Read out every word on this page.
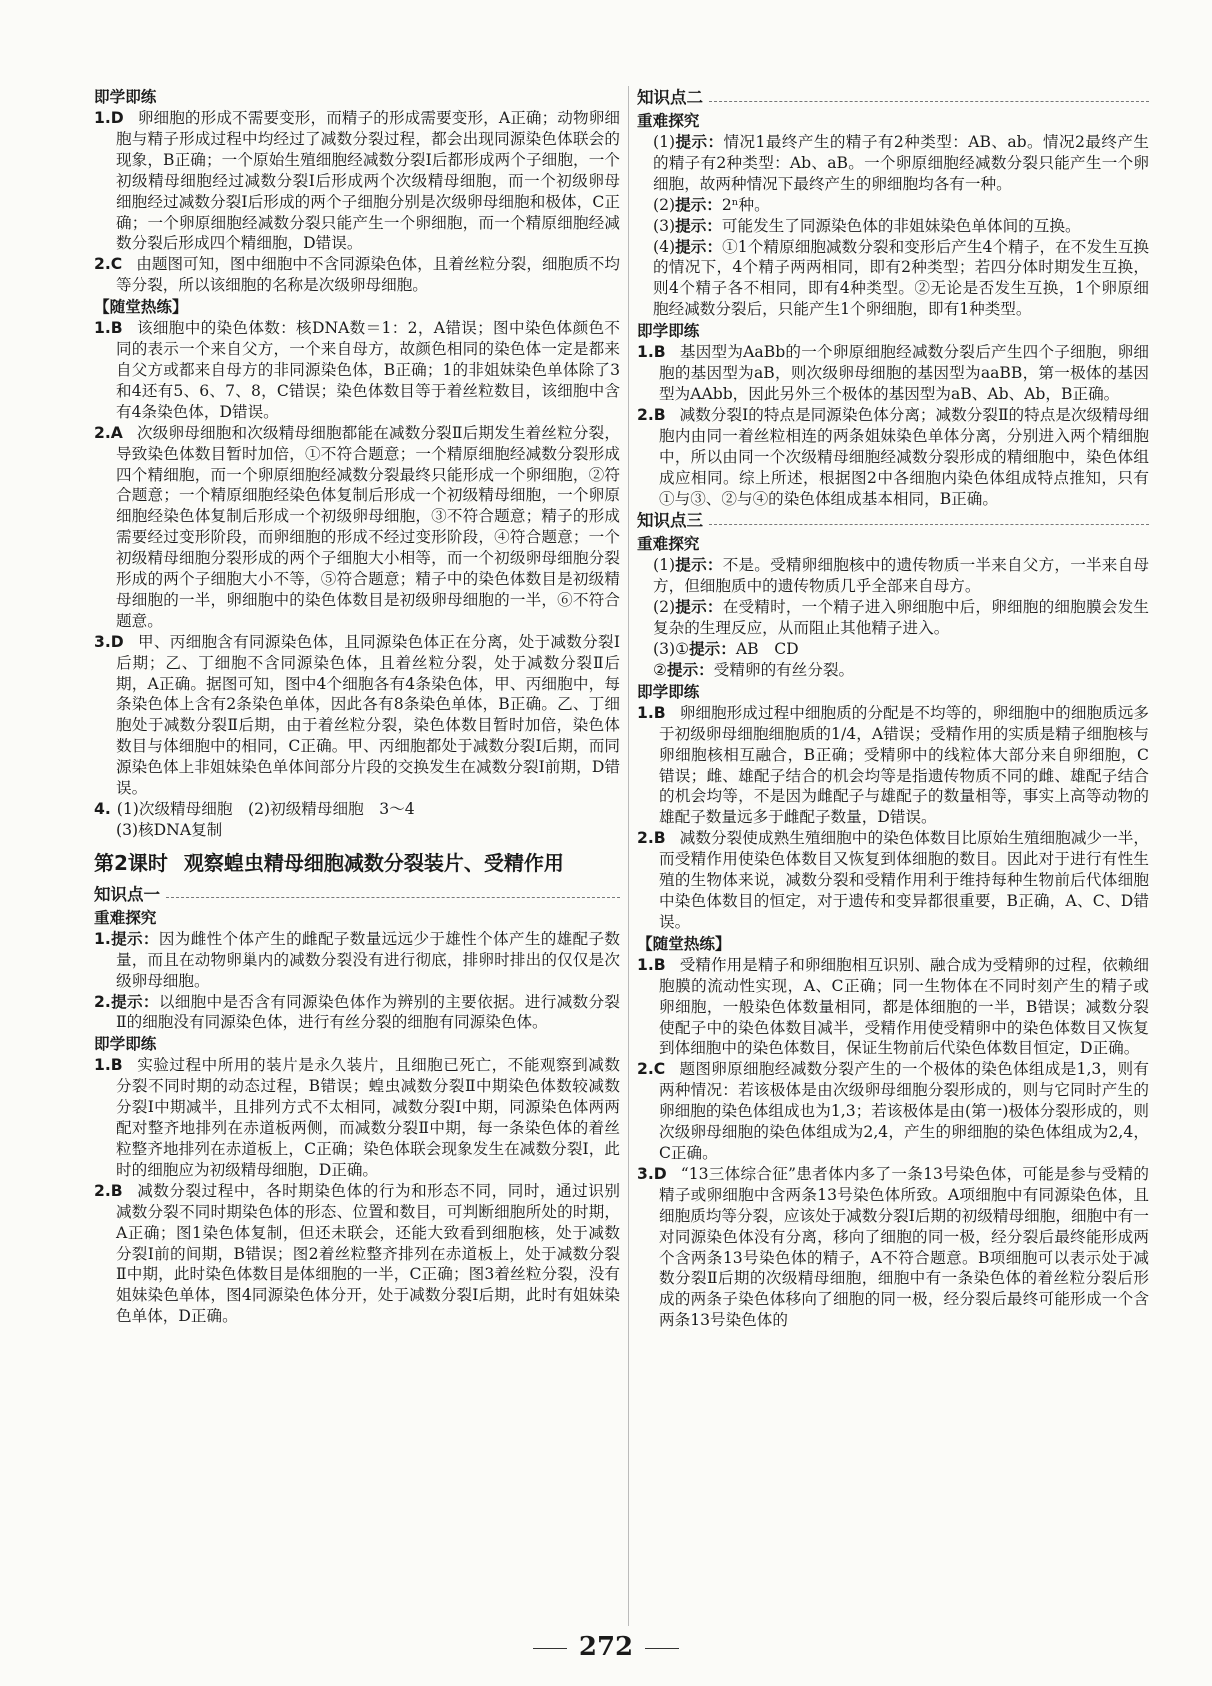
即学即练

1.D 卵细胞的形成不需要变形，而精子的形成需要变形，A正确；动物卵细胞与精子形成过程中均经过了减数分裂过程，都会出现同源染色体联会的现象，B正确；一个原始生殖细胞经减数分裂Ⅰ后都形成两个子细胞，一个初级精母细胞经过减数分裂Ⅰ后形成两个次级精母细胞，而一个初级卵母细胞经过减数分裂Ⅰ后形成的两个子细胞分别是次级卵母细胞和极体，C正确；一个卵原细胞经减数分裂只能产生一个卵细胞，而一个精原细胞经减数分裂后形成四个精细胞，D错误。

2.C 由题图可知，图中细胞中不含同源染色体，且着丝粒分裂，细胞质不均等分裂，所以该细胞的名称是次级卵母细胞。

【随堂热练】

1.B 该细胞中的染色体数：核DNA数＝1：2，A错误；图中染色体颜色不同的表示一个来自父方，一个来自母方，故颜色相同的染色体一定是都来自父方或都来自母方的非同源染色体，B正确；1的非姐妹染色单体除了3和4还有5、6、7、8，C错误；染色体数目等于着丝粒数目，该细胞中含有4条染色体，D错误。

2.A 次级卵母细胞和次级精母细胞都能在减数分裂Ⅱ后期发生着丝粒分裂，导致染色体数目暂时加倍，①不符合题意；一个精原细胞经减数分裂形成四个精细胞，而一个卵原细胞经减数分裂最终只能形成一个卵细胞，②符合题意；一个精原细胞经染色体复制后形成一个初级精母细胞，一个卵原细胞经染色体复制后形成一个初级卵母细胞，③不符合题意；精子的形成需要经过变形阶段，而卵细胞的形成不经过变形阶段，④符合题意；一个初级精母细胞分裂形成的两个子细胞大小相等，而一个初级卵母细胞分裂形成的两个子细胞大小不等，⑤符合题意；精子中的染色体数目是初级精母细胞的一半，卵细胞中的染色体数目是初级卵母细胞的一半，⑥不符合题意。

3.D 甲、丙细胞含有同源染色体，且同源染色体正在分离，处于减数分裂Ⅰ后期；乙、丁细胞不含同源染色体，且着丝粒分裂，处于减数分裂Ⅱ后期，A正确。据图可知，图中4个细胞各有4条染色体，甲、丙细胞中，每条染色体上含有2条染色单体，因此各有8条染色单体，B正确。乙、丁细胞处于减数分裂Ⅱ后期，由于着丝粒分裂，染色体数目暂时加倍，染色体数目与体细胞中的相同，C正确。甲、丙细胞都处于减数分裂Ⅰ后期，而同源染色体上非姐妹染色单体间部分片段的交换发生在减数分裂Ⅰ前期，D错误。

4. (1)次级精母细胞　(2)初级精母细胞　3～4

(3)核DNA复制

第2课时 观察蝗虫精母细胞减数分裂装片、受精作用
知识点一
重难探究

1.提示：因为雌性个体产生的雌配子数量远远少于雄性个体产生的雄配子数量，而且在动物卵巢内的减数分裂没有进行彻底，排卵时排出的仅仅是次级卵母细胞。

2.提示：以细胞中是否含有同源染色体作为辨别的主要依据。进行减数分裂Ⅱ的细胞没有同源染色体，进行有丝分裂的细胞有同源染色体。

即学即练

1.B 实验过程中所用的装片是永久装片，且细胞已死亡，不能观察到减数分裂不同时期的动态过程，B错误；蝗虫减数分裂Ⅱ中期染色体数较减数分裂Ⅰ中期减半，且排列方式不太相同，减数分裂Ⅰ中期，同源染色体两两配对整齐地排列在赤道板两侧，而减数分裂Ⅱ中期，每一条染色体的着丝粒整齐地排列在赤道板上，C正确；染色体联会现象发生在减数分裂Ⅰ，此时的细胞应为初级精母细胞，D正确。

2.B 减数分裂过程中，各时期染色体的行为和形态不同，同时，通过识别减数分裂不同时期染色体的形态、位置和数目，可判断细胞所处的时期，A正确；图1染色体复制，但还未联会，还能大致看到细胞核，处于减数分裂Ⅰ前的间期，B错误；图2着丝粒整齐排列在赤道板上，处于减数分裂Ⅱ中期，此时染色体数目是体细胞的一半，C正确；图3着丝粒分裂，没有姐妹染色单体，图4同源染色体分开，处于减数分裂Ⅰ后期，此时有姐妹染色单体，D正确。

知识点二
重难探究

(1)提示：情况1最终产生的精子有2种类型：AB、ab。情况2最终产生的精子有2种类型：Ab、aB。一个卵原细胞经减数分裂只能产生一个卵细胞，故两种情况下最终产生的卵细胞均各有一种。

(2)提示：2ⁿ种。

(3)提示：可能发生了同源染色体的非姐妹染色单体间的互换。

(4)提示：①1个精原细胞减数分裂和变形后产生4个精子，在不发生互换的情况下，4个精子两两相同，即有2种类型；若四分体时期发生互换，则4个精子各不相同，即有4种类型。②无论是否发生互换，1个卵原细胞经减数分裂后，只能产生1个卵细胞，即有1种类型。

即学即练

1.B 基因型为AaBb的一个卵原细胞经减数分裂后产生四个子细胞，卵细胞的基因型为aB，则次级卵母细胞的基因型为aaBB，第一极体的基因型为AAbb，因此另外三个极体的基因型为aB、Ab、Ab，B正确。

2.B 减数分裂Ⅰ的特点是同源染色体分离；减数分裂Ⅱ的特点是次级精母细胞内由同一着丝粒相连的两条姐妹染色单体分离，分别进入两个精细胞中，所以由同一个次级精母细胞经减数分裂形成的精细胞中，染色体组成应相同。综上所述，根据图2中各细胞内染色体组成特点推知，只有①与③、②与④的染色体组成基本相同，B正确。

知识点三
重难探究

(1)提示：不是。受精卵细胞核中的遗传物质一半来自父方，一半来自母方，但细胞质中的遗传物质几乎全部来自母方。

(2)提示：在受精时，一个精子进入卵细胞中后，卵细胞的细胞膜会发生复杂的生理反应，从而阻止其他精子进入。

(3)①提示：AB　CD

②提示：受精卵的有丝分裂。

即学即练

1.B 卵细胞形成过程中细胞质的分配是不均等的，卵细胞中的细胞质远多于初级卵母细胞细胞质的1/4，A错误；受精作用的实质是精子细胞核与卵细胞核相互融合，B正确；受精卵中的线粒体大部分来自卵细胞，C错误；雌、雄配子结合的机会均等是指遗传物质不同的雌、雄配子结合的机会均等，不是因为雌配子与雄配子的数量相等，事实上高等动物的雄配子数量远多于雌配子数量，D错误。

2.B 减数分裂使成熟生殖细胞中的染色体数目比原始生殖细胞减少一半，而受精作用使染色体数目又恢复到体细胞的数目。因此对于进行有性生殖的生物体来说，减数分裂和受精作用利于维持每种生物前后代体细胞中染色体数目的恒定，对于遗传和变异都很重要，B正确，A、C、D错误。

【随堂热练】

1.B 受精作用是精子和卵细胞相互识别、融合成为受精卵的过程，依赖细胞膜的流动性实现，A、C正确；同一生物体在不同时刻产生的精子或卵细胞，一般染色体数量相同，都是体细胞的一半，B错误；减数分裂使配子中的染色体数目减半，受精作用使受精卵中的染色体数目又恢复到体细胞中的染色体数目，保证生物前后代染色体数目恒定，D正确。

2.C 题图卵原细胞经减数分裂产生的一个极体的染色体组成是1,3，则有两种情况：若该极体是由次级卵母细胞分裂形成的，则与它同时产生的卵细胞的染色体组成也为1,3；若该极体是由(第一)极体分裂形成的，则次级卵母细胞的染色体组成为2,4，产生的卵细胞的染色体组成为2,4，C正确。

3.D “13三体综合征”患者体内多了一条13号染色体，可能是参与受精的精子或卵细胞中含两条13号染色体所致。A项细胞中有同源染色体，且细胞质均等分裂，应该处于减数分裂Ⅰ后期的初级精母细胞，细胞中有一对同源染色体没有分离，移向了细胞的同一极，经分裂后最终能形成两个含两条13号染色体的精子，A不符合题意。B项细胞可以表示处于减数分裂Ⅱ后期的次级精母细胞，细胞中有一条染色体的着丝粒分裂后形成的两条子染色体移向了细胞的同一极，经分裂后最终可能形成一个含两条13号染色体的

272
